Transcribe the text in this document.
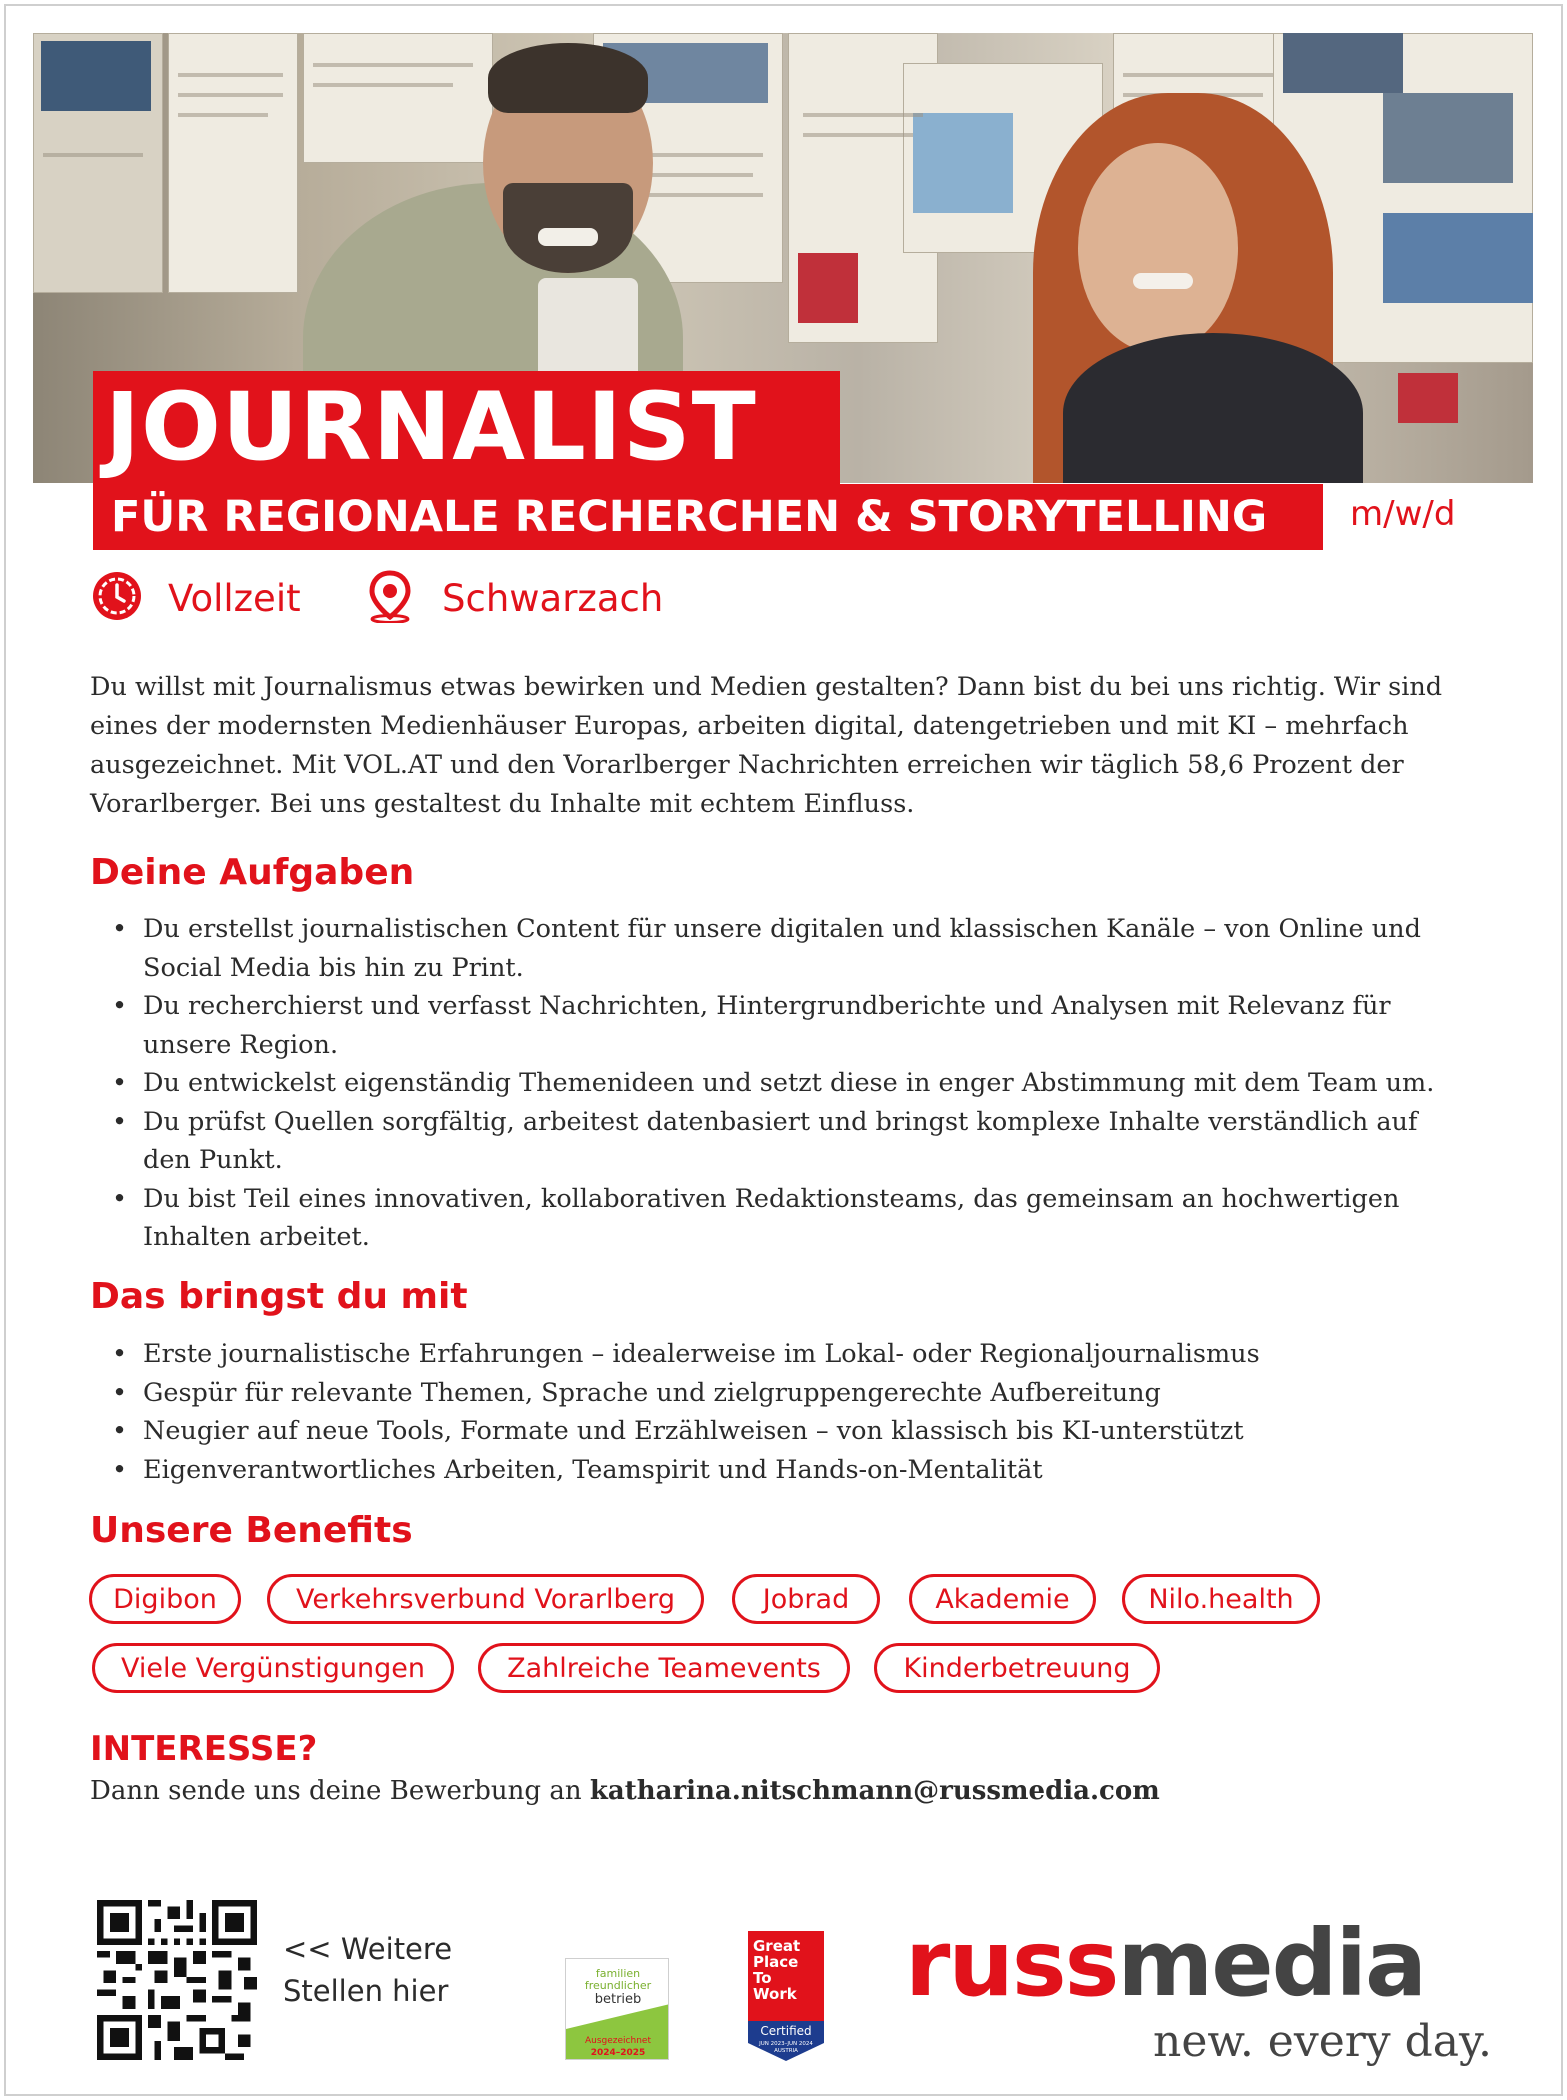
JOURNALIST
FÜR REGIONALE RECHERCHEN & STORYTELLING m/w/d
Vollzeit	Schwarzach

Du willst mit Journalismus etwas bewirken und Medien gestalten? Dann bist du bei uns richtig. Wir sind eines der modernsten Medienhäuser Europas, arbeiten digital, datengetrieben und mit KI – mehrfach ausgezeichnet. Mit VOL.AT und den Vorarlberger Nachrichten erreichen wir täglich 58,6 Prozent der Vorarlberger. Bei uns gestaltest du Inhalte mit echtem Einfluss.

Deine Aufgaben
• Du erstellst journalistischen Content für unsere digitalen und klassischen Kanäle – von Online und Social Media bis hin zu Print.
• Du recherchierst und verfasst Nachrichten, Hintergrundberichte und Analysen mit Relevanz für unsere Region.
• Du entwickelst eigenständig Themenideen und setzt diese in enger Abstimmung mit dem Team um.
• Du prüfst Quellen sorgfältig, arbeitest datenbasiert und bringst komplexe Inhalte verständlich auf den Punkt.
• Du bist Teil eines innovativen, kollaborativen Redaktionsteams, das gemeinsam an hochwertigen Inhalten arbeitet.
Das bringst du mit
• Erste journalistische Erfahrungen – idealerweise im Lokal- oder Regionaljournalismus
• Gespür für relevante Themen, Sprache und zielgruppengerechte Aufbereitung
• Neugier auf neue Tools, Formate und Erzählweisen – von klassisch bis KI-unterstützt
• Eigenverantwortliches Arbeiten, Teamspirit und Hands-on-Mentalität
Unsere Benefits
Digibon	Verkehrsverbund Vorarlberg	Jobrad	Akademie	Nilo.health
Viele Vergünstigungen	Zahlreiche Teamevents	Kinderbetreuung
INTERESSE?
Dann sende uns deine Bewerbung an katharina.nitschmann@russmedia.com
<< Weitere
Stellen hier
familien
freundlicher
betrieb
Ausgezeichnet
2024–2025
Great
Place
To
Work
Certified
JUN 2023–JUN 2024
AUSTRIA
russmedia
new. every day.
